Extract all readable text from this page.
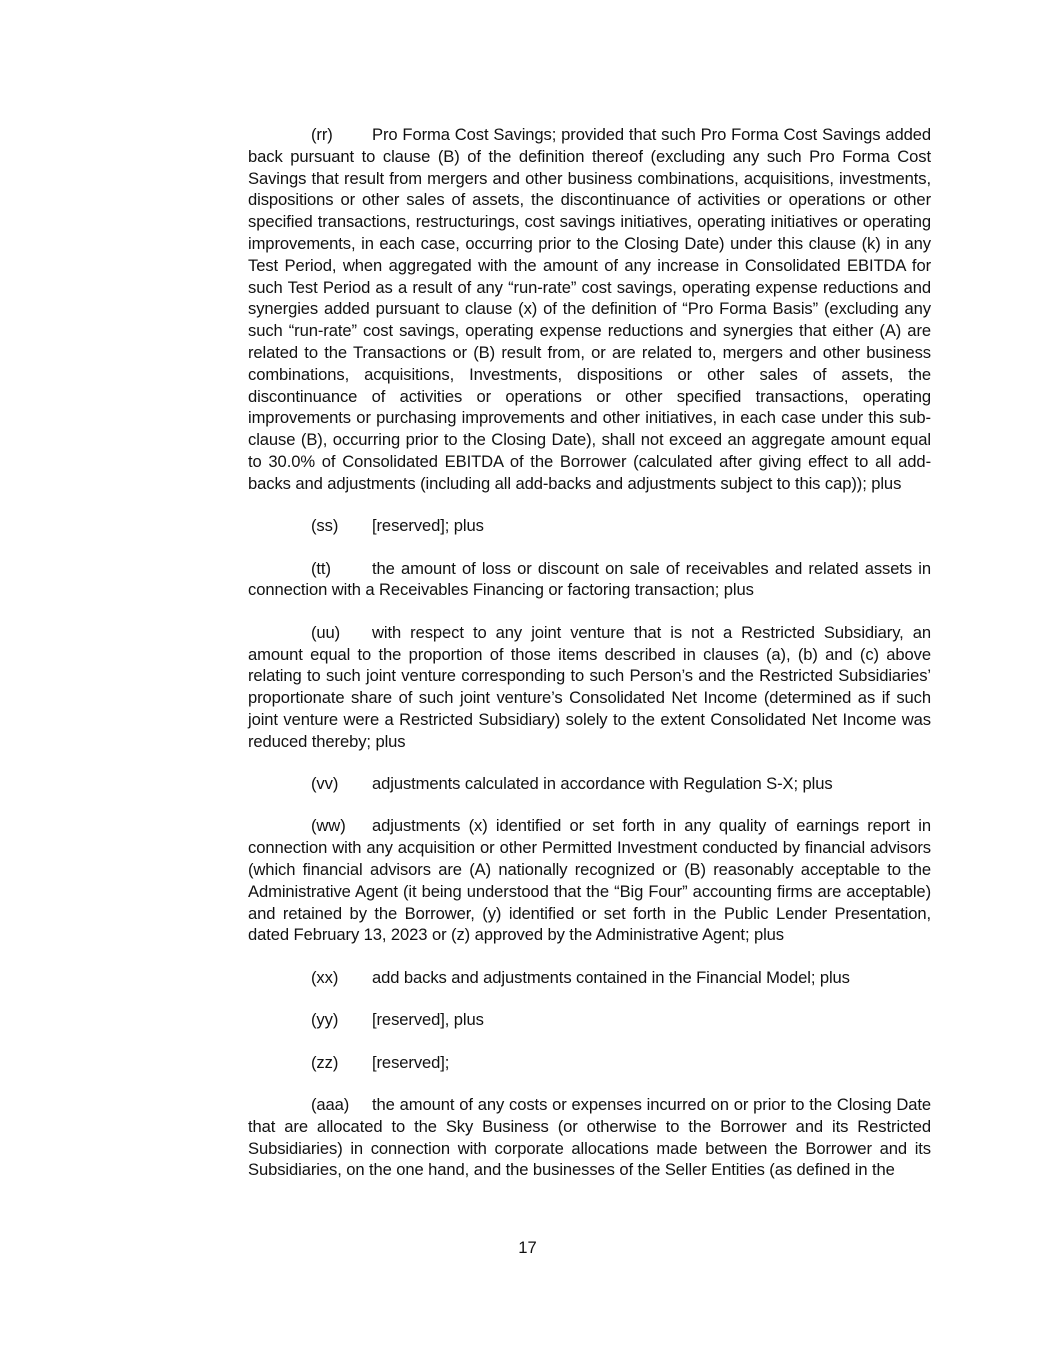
(rr) Pro Forma Cost Savings; provided that such Pro Forma Cost Savings added back pursuant to clause (B) of the definition thereof (excluding any such Pro Forma Cost Savings that result from mergers and other business combinations, acquisitions, investments, dispositions or other sales of assets, the discontinuance of activities or operations or other specified transactions, restructurings, cost savings initiatives, operating initiatives or operating improvements, in each case, occurring prior to the Closing Date) under this clause (k) in any Test Period, when aggregated with the amount of any increase in Consolidated EBITDA for such Test Period as a result of any “run-rate” cost savings, operating expense reductions and synergies added pursuant to clause (x) of the definition of “Pro Forma Basis” (excluding any such “run-rate” cost savings, operating expense reductions and synergies that either (A) are related to the Transactions or (B) result from, or are related to, mergers and other business combinations, acquisitions, Investments, dispositions or other sales of assets, the discontinuance of activities or operations or other specified transactions, operating improvements or purchasing improvements and other initiatives, in each case under this sub-clause (B), occurring prior to the Closing Date), shall not exceed an aggregate amount equal to 30.0% of Consolidated EBITDA of the Borrower (calculated after giving effect to all add-backs and adjustments (including all add-backs and adjustments subject to this cap)); plus

(ss) [reserved]; plus

(tt) the amount of loss or discount on sale of receivables and related assets in connection with a Receivables Financing or factoring transaction; plus

(uu) with respect to any joint venture that is not a Restricted Subsidiary, an amount equal to the proportion of those items described in clauses (a), (b) and (c) above relating to such joint venture corresponding to such Person’s and the Restricted Subsidiaries’ proportionate share of such joint venture’s Consolidated Net Income (determined as if such joint venture were a Restricted Subsidiary) solely to the extent Consolidated Net Income was reduced thereby; plus

(vv) adjustments calculated in accordance with Regulation S-X; plus

(ww) adjustments (x) identified or set forth in any quality of earnings report in connection with any acquisition or other Permitted Investment conducted by financial advisors (which financial advisors are (A) nationally recognized or (B) reasonably acceptable to the Administrative Agent (it being understood that the “Big Four” accounting firms are acceptable) and retained by the Borrower, (y) identified or set forth in the Public Lender Presentation, dated February 13, 2023 or (z) approved by the Administrative Agent; plus

(xx) add backs and adjustments contained in the Financial Model; plus

(yy) [reserved], plus

(zz) [reserved];

(aaa) the amount of any costs or expenses incurred on or prior to the Closing Date that are allocated to the Sky Business (or otherwise to the Borrower and its Restricted Subsidiaries) in connection with corporate allocations made between the Borrower and its Subsidiaries, on the one hand, and the businesses of the Seller Entities (as defined in the

17
